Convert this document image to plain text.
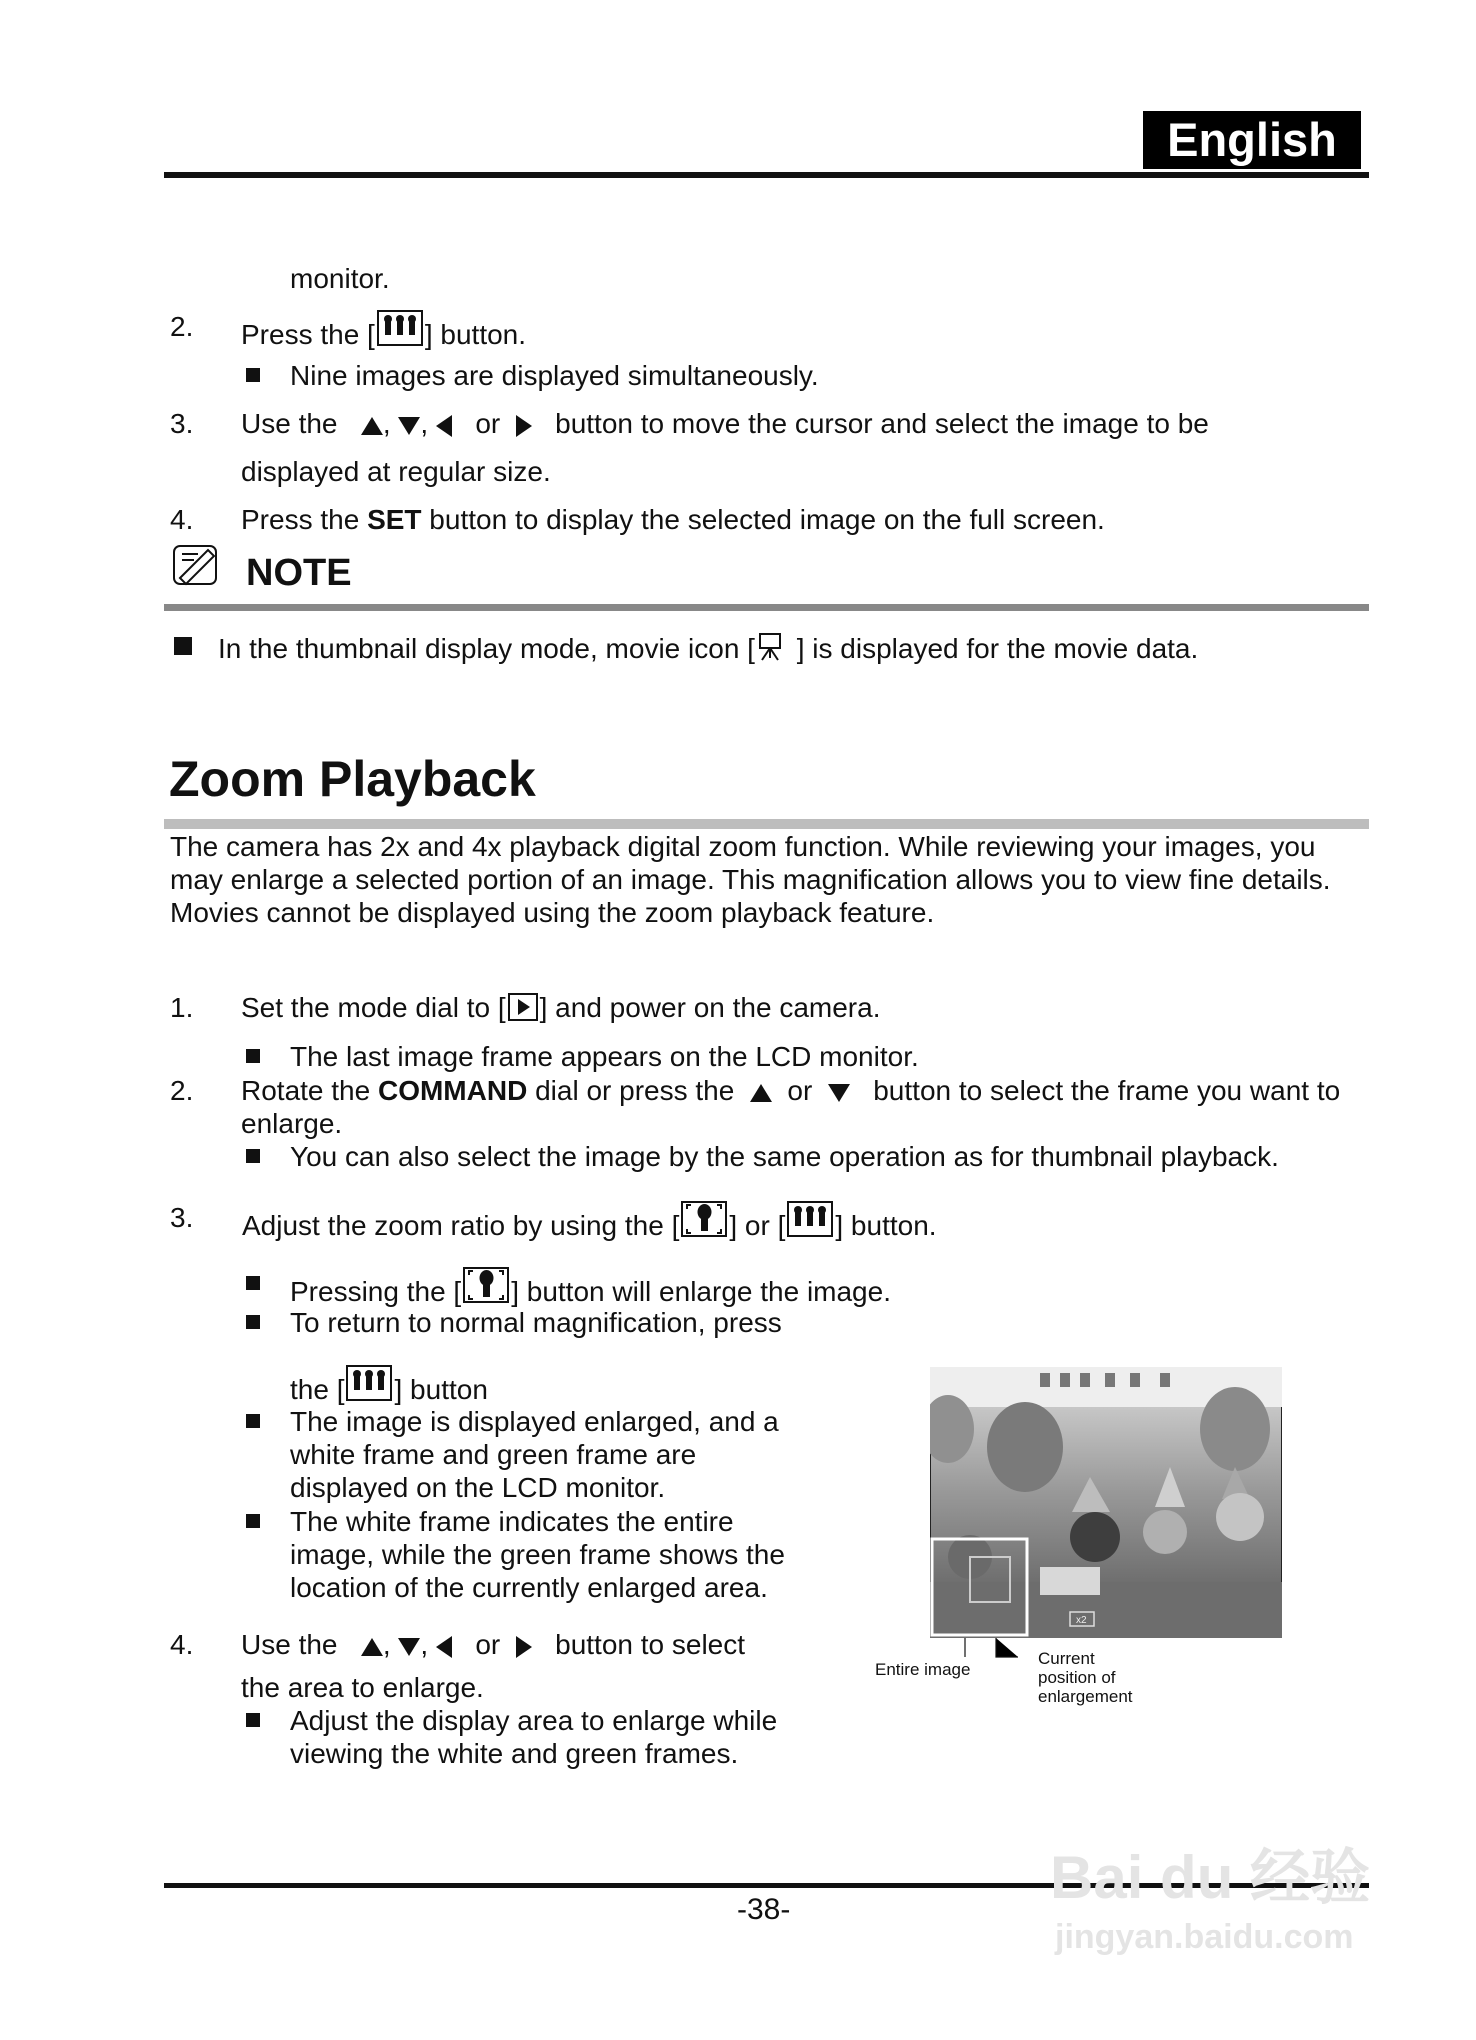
English
monitor.
2. Press the [ ] button.
Nine images are displayed simultaneously.
3. Use the , ,    or button to move the cursor and select the image to be
displayed at regular size.
4. Press the SET button to display the selected image on the full screen.
NOTE
In the thumbnail display mode, movie icon [ ] is displayed for the movie data.
Zoom Playback
The camera has 2x and 4x playback digital zoom function. While reviewing your images, you
may enlarge a selected portion of an image. This magnification allows you to view fine details.
Movies cannot be displayed using the zoom playback feature.
1. Set the mode dial to [ ] and power on the camera.
The last image frame appears on the LCD monitor.
2. Rotate the COMMAND dial or press the or button to select the frame you want to
enlarge.
You can also select the image by the same operation as for thumbnail playback.
3. Adjust the zoom ratio by using the [ ] or [ ] button.
Pressing the [ ] button will enlarge the image.
To return to normal magnification, press
the [ ] button
The image is displayed enlarged, and a
white frame and green frame are
displayed on the LCD monitor.
The white frame indicates the entire
image, while the green frame shows the
location of the currently enlarged area.
4. Use the , ,    or button to select
the area to enlarge.
Adjust the display area to enlarge while
viewing the white and green frames.
x2
Entire image
Current
position of
enlargement
-38-	Bai du 经验
jingyan.baidu.com
